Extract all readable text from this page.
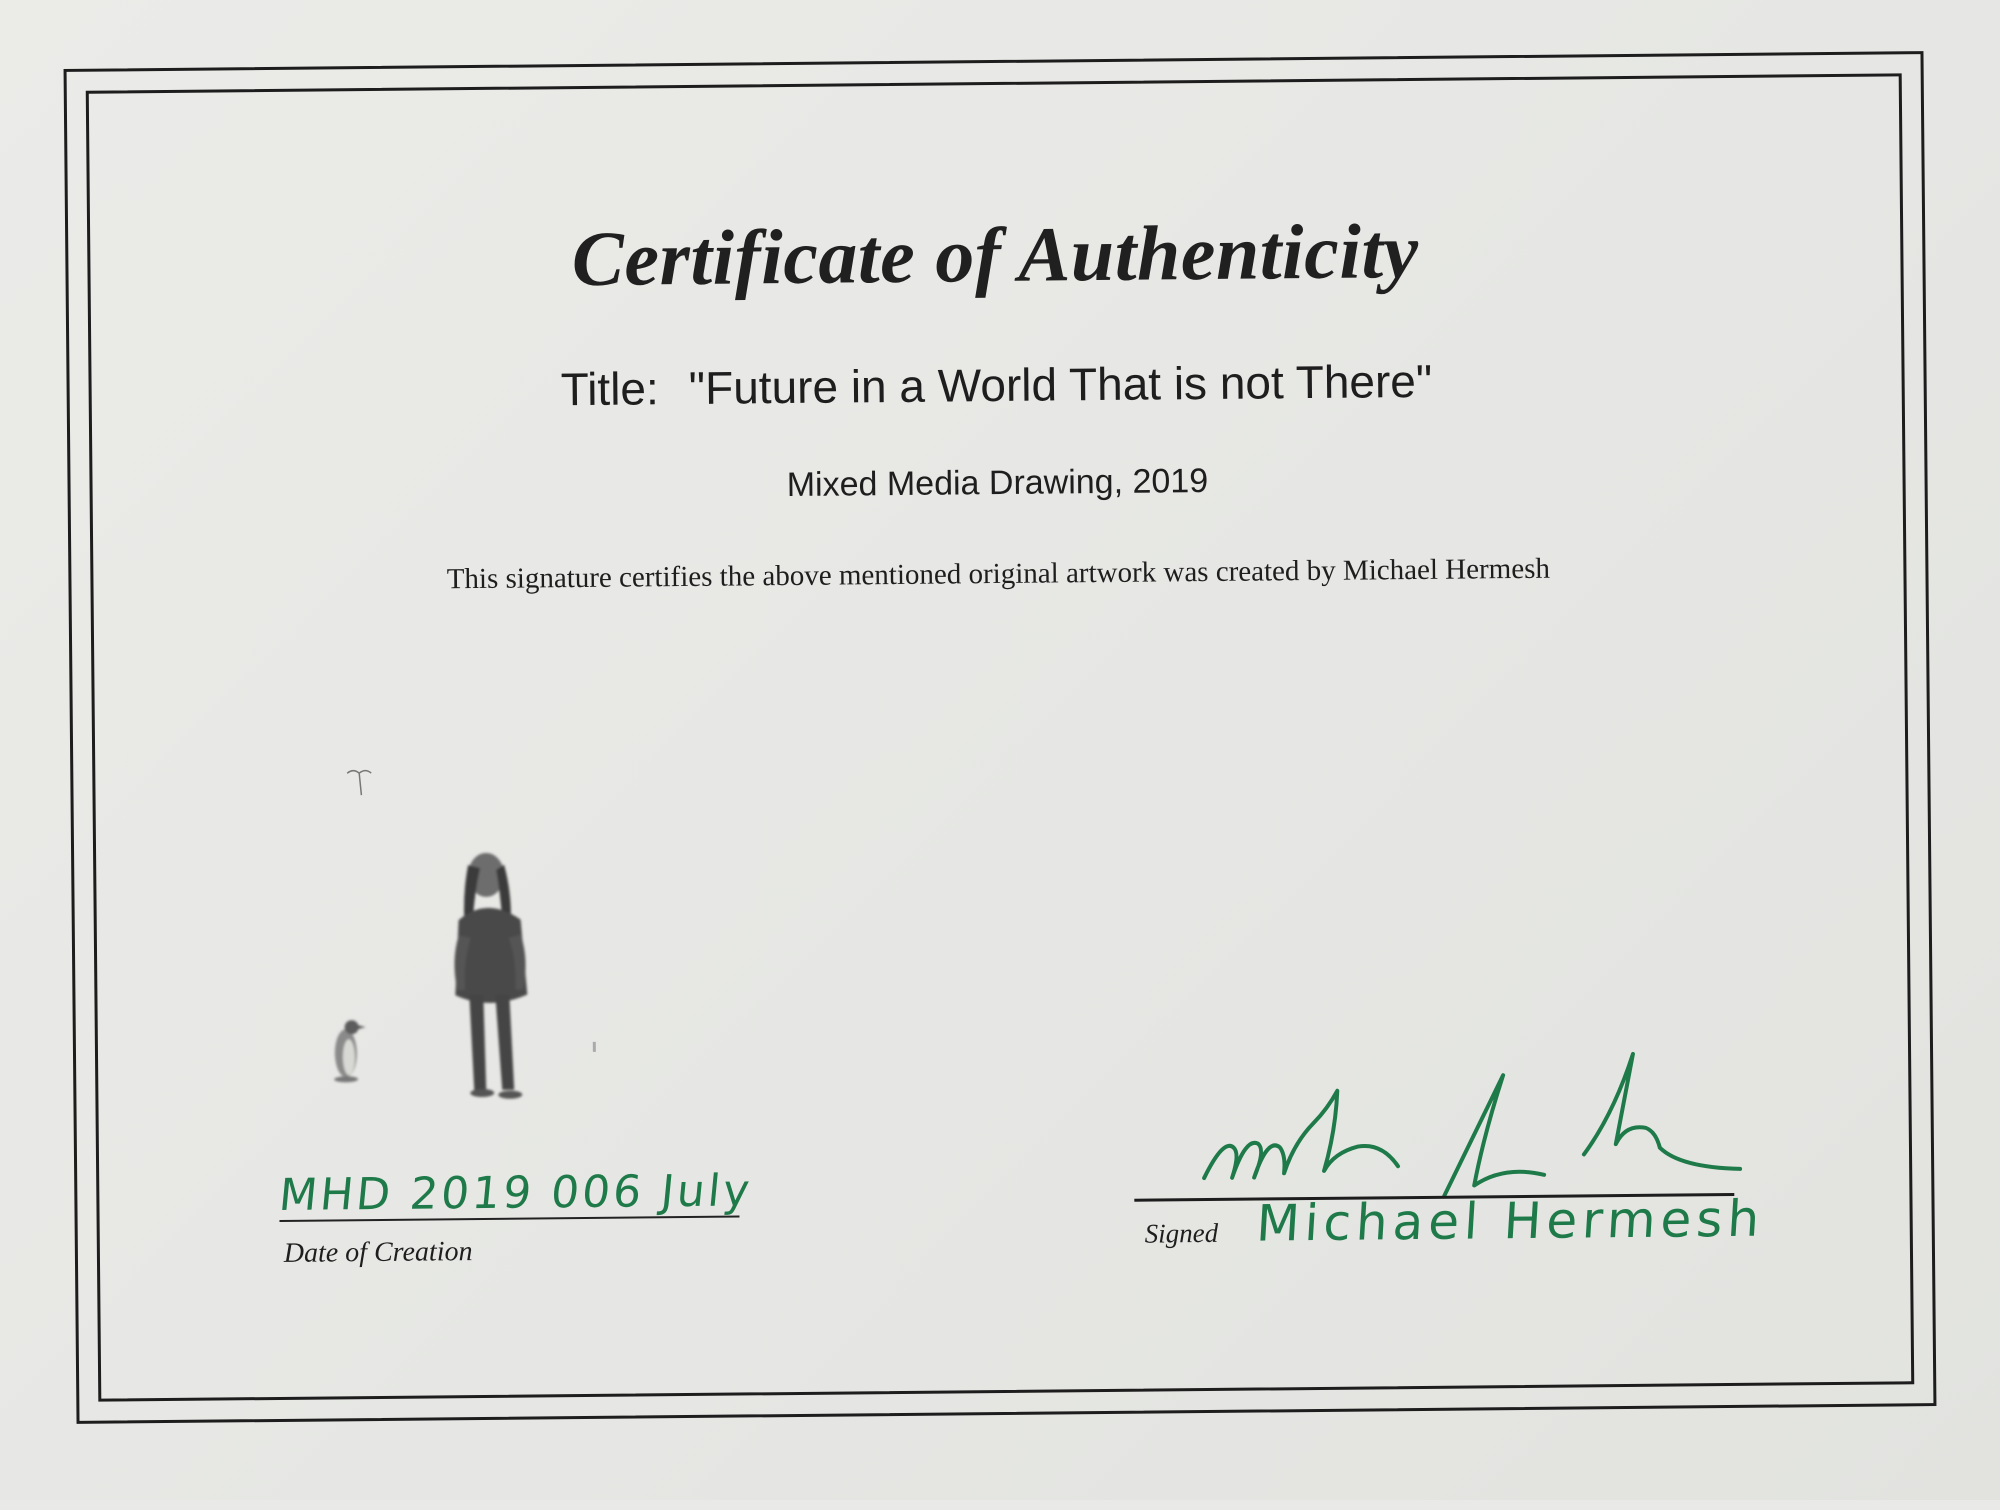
Certificate of Authenticity
Title: "Future in a World That is not There"
Mixed Media Drawing, 2019
This signature certifies the above mentioned original artwork was created by Michael Hermesh
MHD 2019 006 July
Date of Creation
Signed Michael Hermesh
